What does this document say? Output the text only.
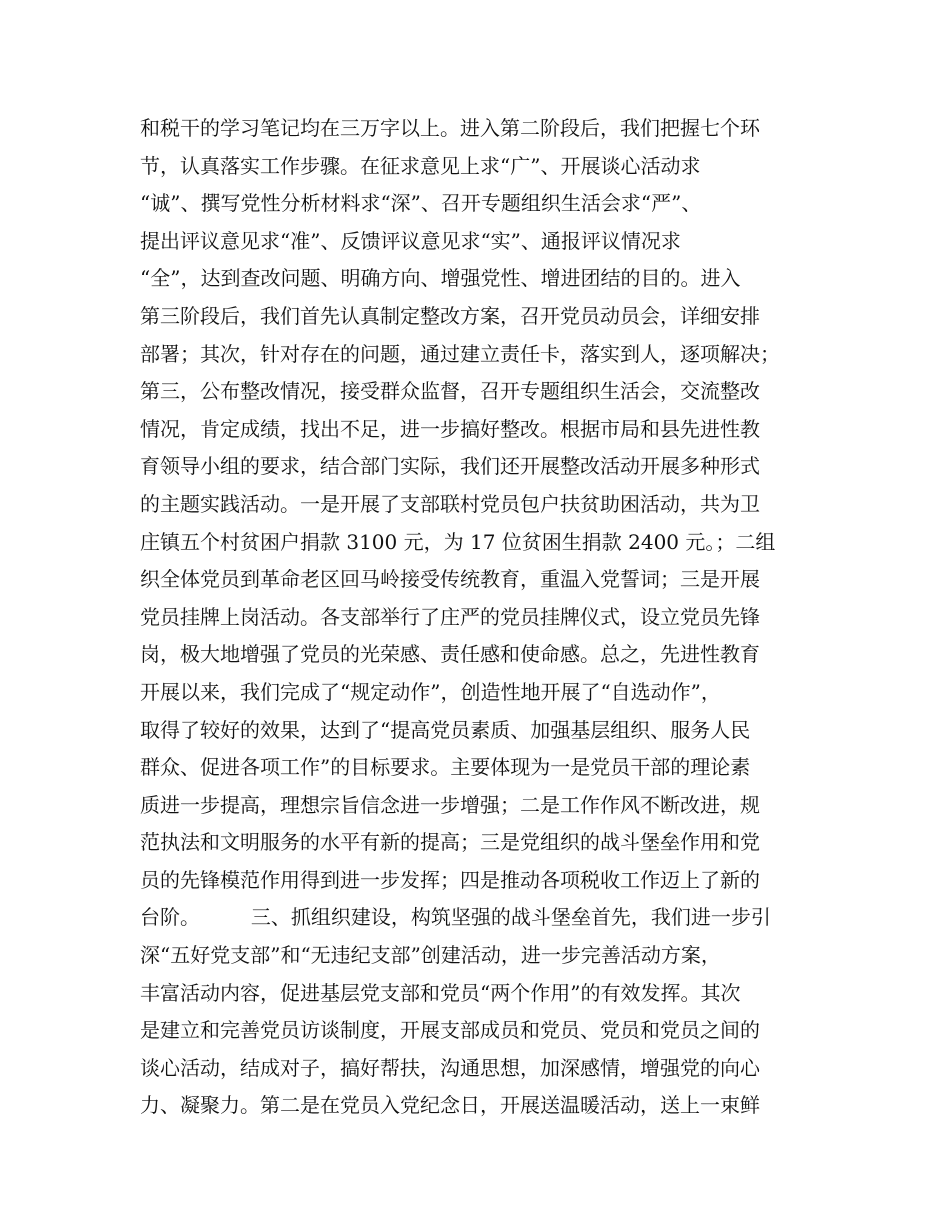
和税干的学习笔记均在三万字以上。进入第二阶段后，我们把握七个环
节，认真落实工作步骤。在征求意见上求“广”、开展谈心活动求
“诚”、撰写党性分析材料求“深”、召开专题组织生活会求“严”、
提出评议意见求“准”、反馈评议意见求“实”、通报评议情况求
“全”，达到查改问题、明确方向、增强党性、增进团结的目的。进入
第三阶段后，我们首先认真制定整改方案，召开党员动员会，详细安排
部署；其次，针对存在的问题，通过建立责任卡，落实到人，逐项解决；
第三，公布整改情况，接受群众监督，召开专题组织生活会，交流整改
情况，肯定成绩，找出不足，进一步搞好整改。根据市局和县先进性教
育领导小组的要求，结合部门实际，我们还开展整改活动开展多种形式
的主题实践活动。一是开展了支部联村党员包户扶贫助困活动，共为卫
庄镇五个村贫困户捐款 3100 元，为 17 位贫困生捐款 2400 元。；二组
织全体党员到革命老区回马岭接受传统教育，重温入党誓词；三是开展
党员挂牌上岗活动。各支部举行了庄严的党员挂牌仪式，设立党员先锋
岗，极大地增强了党员的光荣感、责任感和使命感。总之，先进性教育
开展以来，我们完成了“规定动作”，创造性地开展了“自选动作”，
取得了较好的效果，达到了“提高党员素质、加强基层组织、服务人民
群众、促进各项工作”的目标要求。主要体现为一是党员干部的理论素
质进一步提高，理想宗旨信念进一步增强；二是工作作风不断改进，规
范执法和文明服务的水平有新的提高；三是党组织的战斗堡垒作用和党
员的先锋模范作用得到进一步发挥；四是推动各项税收工作迈上了新的
台阶。        三、抓组织建设，构筑坚强的战斗堡垒首先，我们进一步引
深“五好党支部”和“无违纪支部”创建活动，进一步完善活动方案，
丰富活动内容，促进基层党支部和党员“两个作用”的有效发挥。其次
是建立和完善党员访谈制度，开展支部成员和党员、党员和党员之间的
谈心活动，结成对子，搞好帮扶，沟通思想，加深感情，增强党的向心
力、凝聚力。第二是在党员入党纪念日，开展送温暖活动，送上一束鲜
